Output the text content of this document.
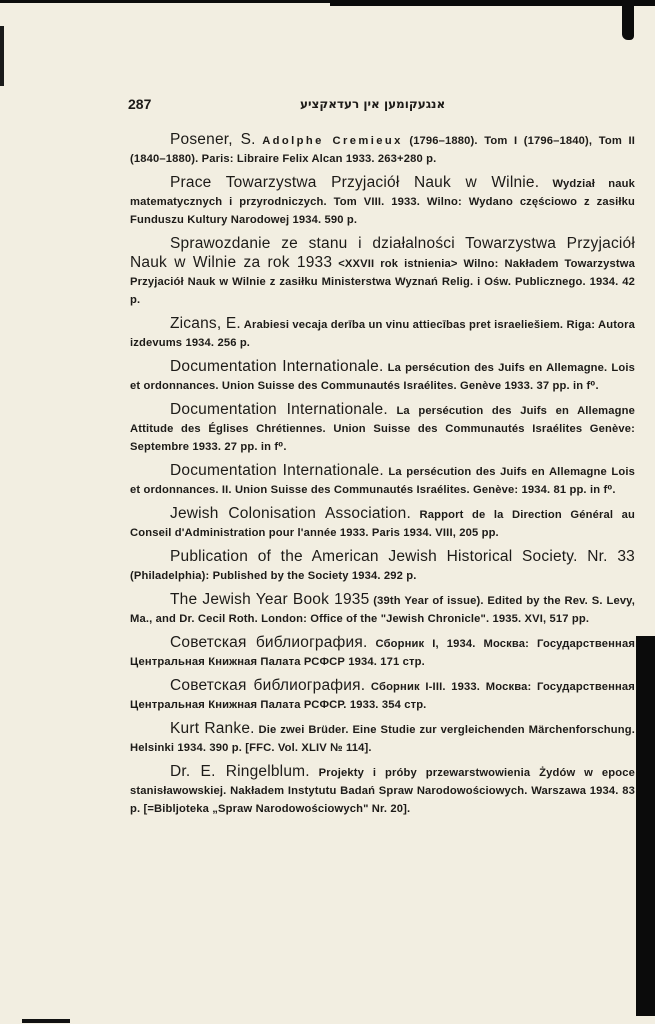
287	אנגעקומען אין רעדאקציע

Posener, S. Adolphe Cremieux (1796–1880). Tom I (1796–1840), Tom II (1840–1880). Paris: Libraire Felix Alcan 1933. 263+280 p.

Prace Towarzystwa Przyjaciół Nauk w Wilnie. Wydział nauk matematycznych i przyrodniczych. Tom VIII. 1933. Wilno: Wydano częściowo z zasiłku Funduszu Kultury Narodowej 1934. 590 p.

Sprawozdanie ze stanu i działalności Towarzystwa Przyjaciół Nauk w Wilnie za rok 1933 <XXVII rok istnienia> Wilno: Nakładem Towarzystwa Przyjaciół Nauk w Wilnie z zasiłku Ministerstwa Wyznań Relig. i Ośw. Publicznego. 1934. 42 p.

Zicans, E. Arabiesi vecaja derība un vinu attiecības pret israeliešiem. Riga: Autora izdevums 1934. 256 p.

Documentation Internationale. La persécution des Juifs en Allemagne. Lois et ordonnances. Union Suisse des Communautés Israélites. Genève 1933. 37 pp. in f⁰.

Documentation Internationale. La persécution des Juifs en Allemagne Attitude des Églises Chrétiennes. Union Suisse des Communautés Israélites Genève: Septembre 1933. 27 pp. in f⁰.

Documentation Internationale. La persécution des Juifs en Allemagne Lois et ordonnances. II. Union Suisse des Communautés Israélites. Genève: 1934. 81 pp. in f⁰.

Jewish Colonisation Association. Rapport de la Direction Général au Conseil d'Administration pour l'année 1933. Paris 1934. VIII, 205 pp.

Publication of the American Jewish Historical Society. Nr. 33 (Philadelphia): Published by the Society 1934. 292 p.

The Jewish Year Book 1935 (39th Year of issue). Edited by the Rev. S. Levy, Ma., and Dr. Cecil Roth. London: Office of the "Jewish Chronicle". 1935. XVI, 517 pp.

Советская библиография. Сборник I, 1934. Москва: Государственная Центральная Книжная Палата РСФСР 1934. 171 стр.

Советская библиография. Сборник I-III. 1933. Москва: Государственная Центральная Книжная Палата РСФСР. 1933. 354 стр.

Kurt Ranke. Die zwei Brüder. Eine Studie zur vergleichenden Märchenforschung. Helsinki 1934. 390 p. [FFC. Vol. XLIV № 114].

Dr. E. Ringelblum. Projekty i próby przewarstwowienia Żydów w epoce stanisławowskiej. Nakładem Instytutu Badań Spraw Narodowościowych. Warszawa 1934. 83 p. [=Bibljoteka „Spraw Narodowościowych" Nr. 20].
